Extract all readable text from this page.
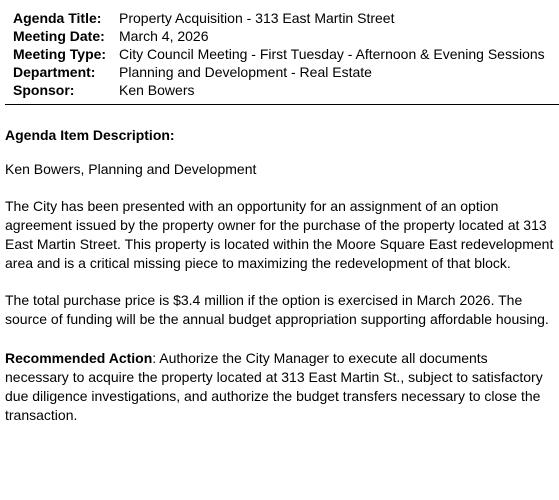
Agenda Title:	Property Acquisition - 313 East Martin Street
Meeting Date:	March 4, 2026
Meeting Type: City Council Meeting - First Tuesday - Afternoon & Evening Sessions
Department:	Planning and Development - Real Estate
Sponsor:	Ken Bowers

Agenda Item Description:

Ken Bowers, Planning and Development

The City has been presented with an opportunity for an assignment of an option agreement issued by the property owner for the purchase of the property located at 313 East Martin Street. This property is located within the Moore Square East redevelopment area and is a critical missing piece to maximizing the redevelopment of that block.

The total purchase price is $3.4 million if the option is exercised in March 2026. The source of funding will be the annual budget appropriation supporting affordable housing.

Recommended Action: Authorize the City Manager to execute all documents necessary to acquire the property located at 313 East Martin St., subject to satisfactory due diligence investigations, and authorize the budget transfers necessary to close the transaction.
